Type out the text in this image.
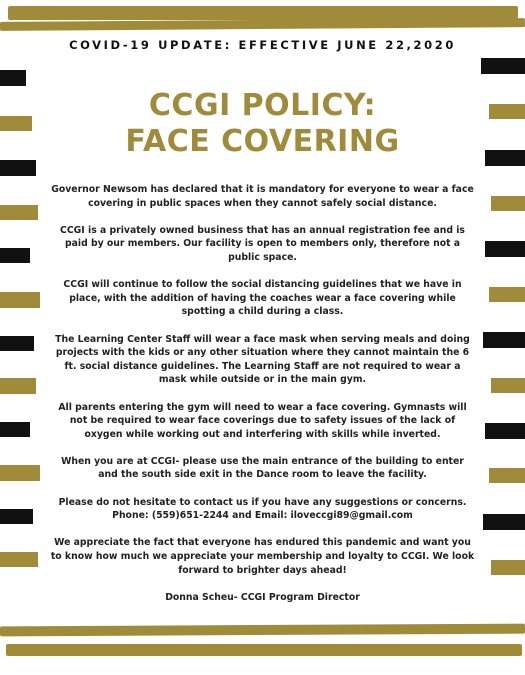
COVID-19 UPDATE: EFFECTIVE JUNE 22,2020
CCGI POLICY:
FACE COVERING

Governor Newsom has declared that it is mandatory for everyone to wear a face covering in public spaces when they cannot safely social distance.

CCGI is a privately owned business that has an annual registration fee and is paid by our members. Our facility is open to members only, therefore not a public space.

CCGI will continue to follow the social distancing guidelines that we have in place, with the addition of having the coaches wear a face covering while spotting a child during a class.

The Learning Center Staff will wear a face mask when serving meals and doing projects with the kids or any other situation where they cannot maintain the 6 ft. social distance guidelines. The Learning Staff are not required to wear a mask while outside or in the main gym.

All parents entering the gym will need to wear a face covering. Gymnasts will not be required to wear face coverings due to safety issues of the lack of oxygen while working out and interfering with skills while inverted.

When you are at CCGI- please use the main entrance of the building to enter and the south side exit in the Dance room to leave the facility.

Please do not hesitate to contact us if you have any suggestions or concerns. Phone: (559)651-2244 and Email: iloveccgi89@gmail.com

We appreciate the fact that everyone has endured this pandemic and want you to know how much we appreciate your membership and loyalty to CCGI. We look forward to brighter days ahead!

Donna Scheu- CCGI Program Director
